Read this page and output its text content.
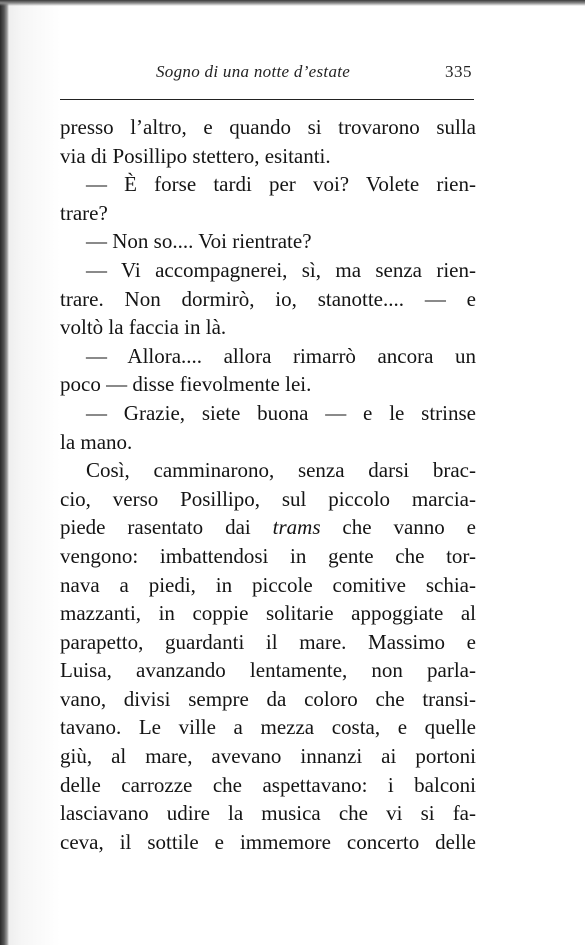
Sogno di una notte d’estate	335
presso l’altro, e quando si trovarono sulla
via di Posillipo stettero, esitanti.
— È forse tardi per voi? Volete rien-
trare?
— Non so.... Voi rientrate?
— Vi accompagnerei, sì, ma senza rien-
trare. Non dormirò, io, stanotte.... — e
voltò la faccia in là.
— Allora.... allora rimarrò ancora un
poco — disse fievolmente lei.
— Grazie, siete buona — e le strinse
la mano.
Così, camminarono, senza darsi brac-
cio, verso Posillipo, sul piccolo marcia-
piede rasentato dai trams che vanno e
vengono: imbattendosi in gente che tor-
nava a piedi, in piccole comitive schia-
mazzanti, in coppie solitarie appoggiate al
parapetto, guardanti il mare. Massimo e
Luisa, avanzando lentamente, non parla-
vano, divisi sempre da coloro che transi-
tavano. Le ville a mezza costa, e quelle
giù, al mare, avevano innanzi ai portoni
delle carrozze che aspettavano: i balconi
lasciavano udire la musica che vi si fa-
ceva, il sottile e immemore concerto delle
